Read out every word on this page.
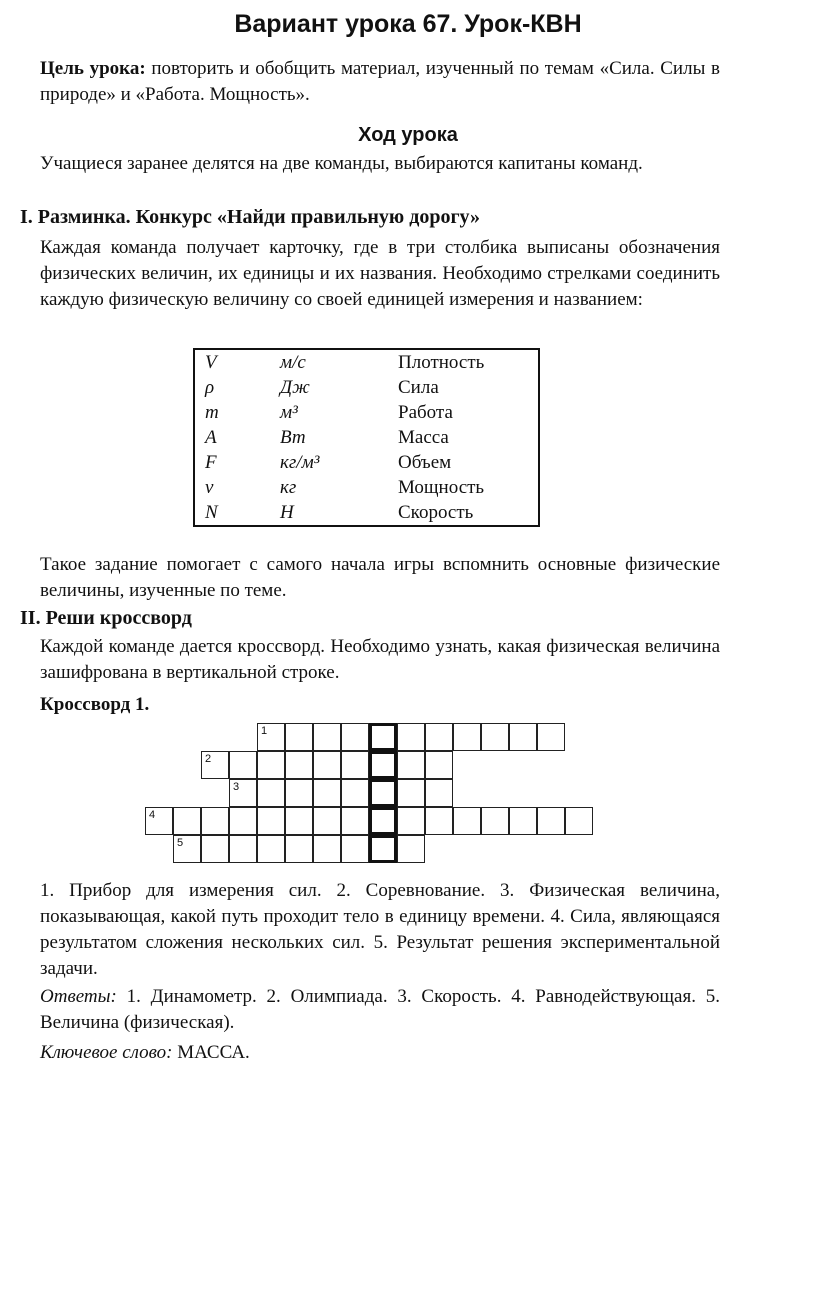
Вариант урока 67. Урок-КВН
Цель урока: повторить и обобщить материал, изученный по темам «Сила. Силы в природе» и «Работа. Мощность».
Ход урока
Учащиеся заранее делятся на две команды, выбираются капитаны команд.
I. Разминка. Конкурс «Найди правильную дорогу»
Каждая команда получает карточку, где в три столбика выписаны обозначения физических величин, их единицы и их названия. Необходимо стрелками соединить каждую физическую величину со своей единицей измерения и названием:
V	м/с	Плотность
ρ	Дж	Сила
m	м³	Работа
A	Вт	Масса
F	кг/м³	Объем
v	кг	Мощность
N	Н	Скорость
Такое задание помогает с самого начала игры вспомнить основные физические величины, изученные по теме.
II. Реши кроссворд
Каждой команде дается кроссворд. Необходимо узнать, какая физическая величина зашифрована в вертикальной строке.
Кроссворд 1.
1
2
3
4
5
1. Прибор для измерения сил. 2. Соревнование. 3. Физическая величина, показывающая, какой путь проходит тело в единицу времени. 4. Сила, являющаяся результатом сложения нескольких сил. 5. Результат решения экспериментальной задачи.
Ответы: 1. Динамометр. 2. Олимпиада. 3. Скорость. 4. Равнодействующая. 5. Величина (физическая).
Ключевое слово: МАССА.
